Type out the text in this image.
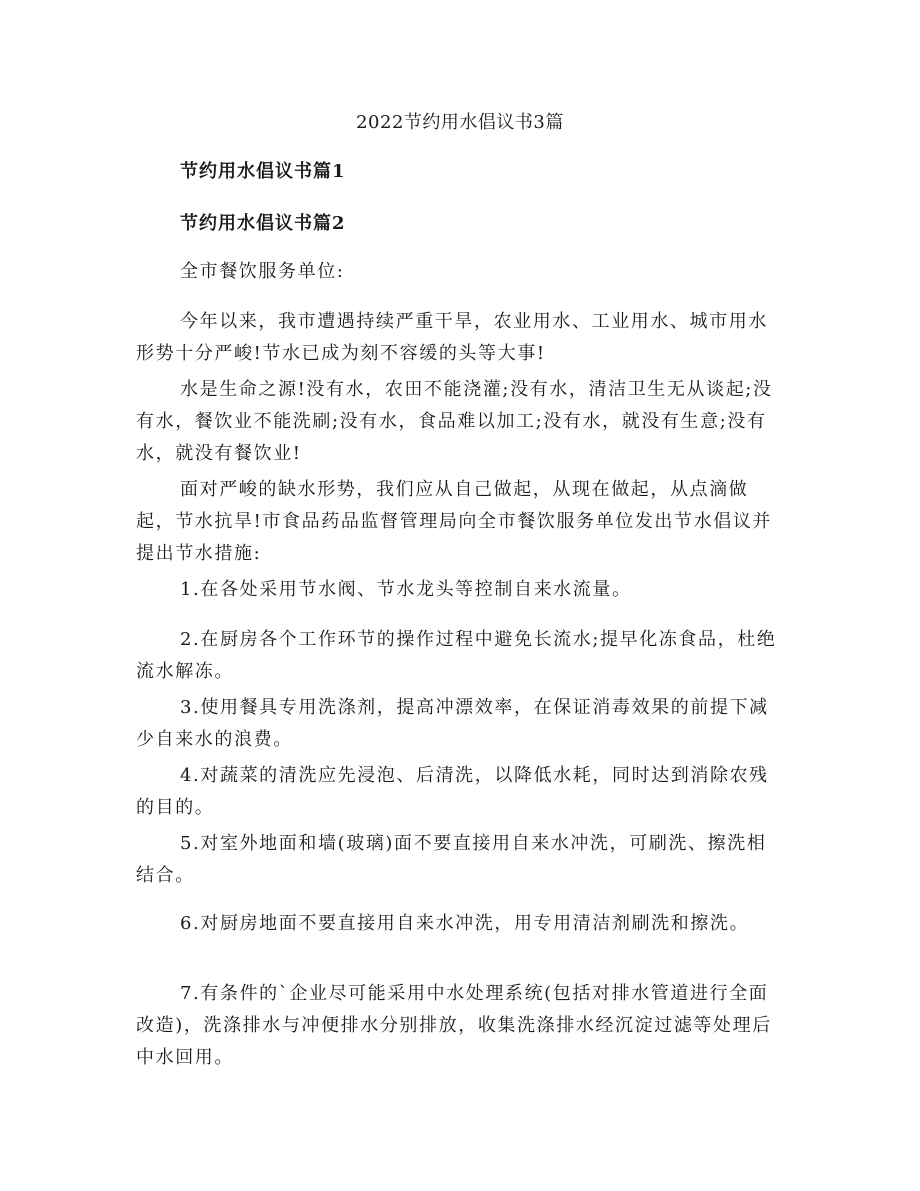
2022节约用水倡议书3篇
节约用水倡议书篇1
节约用水倡议书篇2

全市餐饮服务单位:

今年以来，我市遭遇持续严重干旱，农业用水、工业用水、城市用水形势十分严峻!节水已成为刻不容缓的头等大事!

水是生命之源!没有水，农田不能浇灌;没有水，清洁卫生无从谈起;没有水，餐饮业不能洗刷;没有水，食品难以加工;没有水，就没有生意;没有水，就没有餐饮业!

面对严峻的缺水形势，我们应从自己做起，从现在做起，从点滴做起，节水抗旱!市食品药品监督管理局向全市餐饮服务单位发出节水倡议并提出节水措施:

1.在各处采用节水阀、节水龙头等控制自来水流量。

2.在厨房各个工作环节的操作过程中避免长流水;提早化冻食品，杜绝流水解冻。

3.使用餐具专用洗涤剂，提高冲漂效率，在保证消毒效果的前提下减少自来水的浪费。

4.对蔬菜的清洗应先浸泡、后清洗，以降低水耗，同时达到消除农残的目的。

5.对室外地面和墙(玻璃)面不要直接用自来水冲洗，可刷洗、擦洗相结合。

6.对厨房地面不要直接用自来水冲洗，用专用清洁剂刷洗和擦洗。

7.有条件的`企业尽可能采用中水处理系统(包括对排水管道进行全面改造)，洗涤排水与冲便排水分别排放，收集洗涤排水经沉淀过滤等处理后中水回用。
